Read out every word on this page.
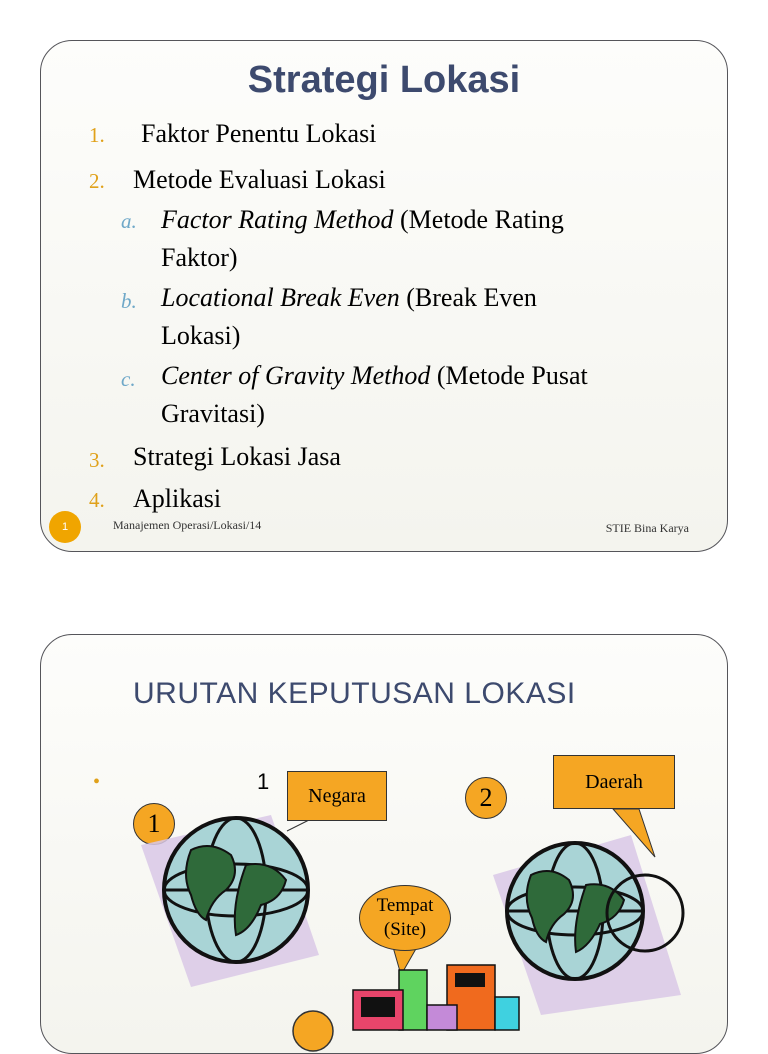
Strategi Lokasi
1. Faktor Penentu Lokasi
2. Metode Evaluasi Lokasi
a. Factor Rating Method (Metode Rating
Faktor)
b. Locational Break Even (Break Even
Lokasi)
c. Center of Gravity Method (Metode Pusat
Gravitasi)
3. Strategi Lokasi Jasa
4. Aplikasi
1	Manajemen Operasi/Lokasi/14	STIE Bina Karya
URUTAN KEPUTUSAN LOKASI
•	1
Negara
Daerah
1
2
Tempat
(Site)
